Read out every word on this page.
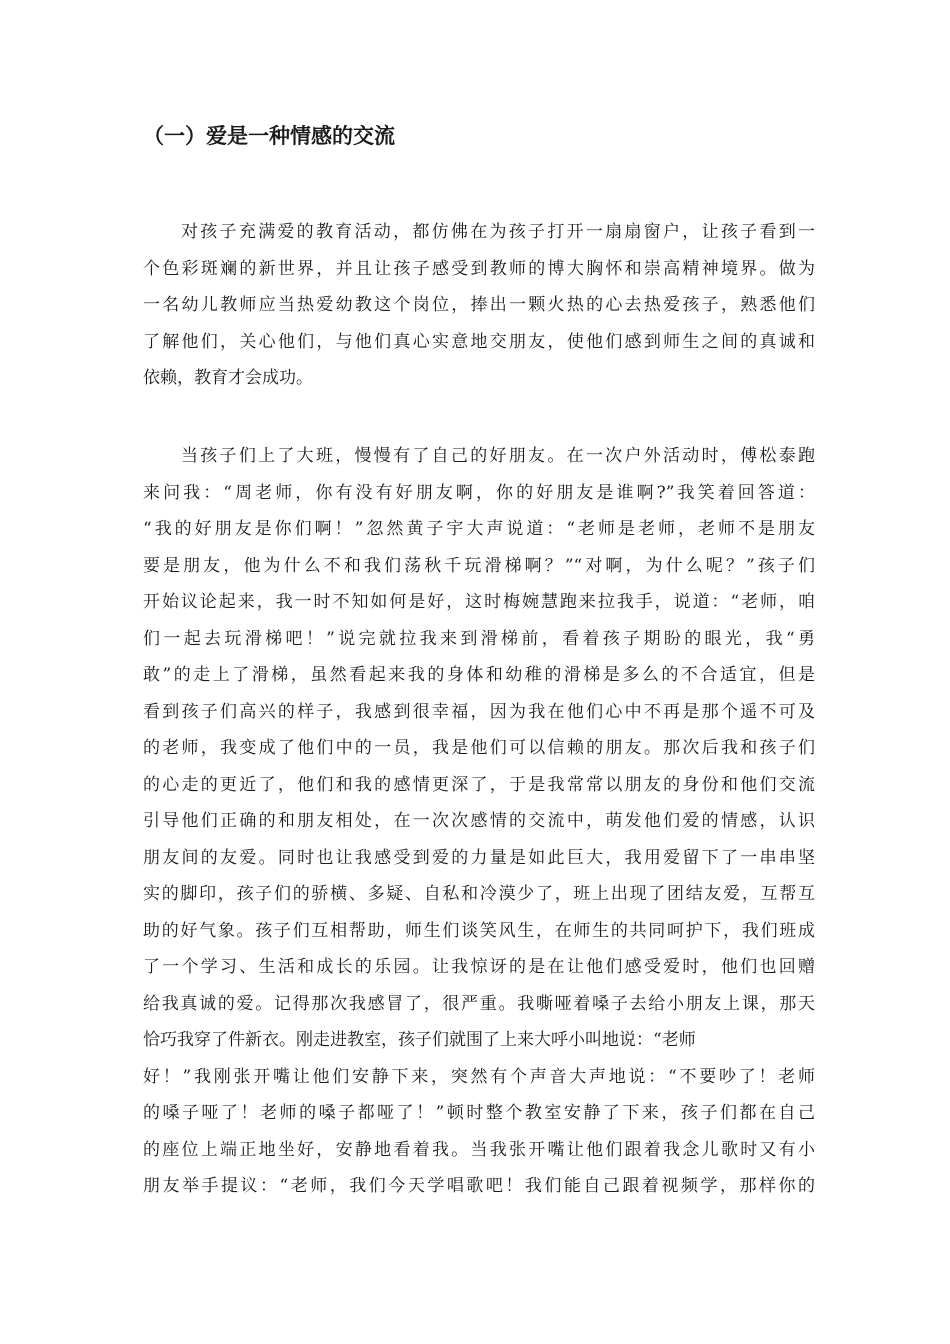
（一）爱是一种情感的交流
对孩子充满爱的教育活动，都仿佛在为孩子打开一扇扇窗户，让孩子看到一
个色彩斑斓的新世界，并且让孩子感受到教师的博大胸怀和崇高精神境界。做为
一名幼儿教师应当热爱幼教这个岗位，捧出一颗火热的心去热爱孩子，熟悉他们
了解他们，关心他们，与他们真心实意地交朋友，使他们感到师生之间的真诚和
依赖，教育才会成功。
当孩子们上了大班，慢慢有了自己的好朋友。在一次户外活动时，傅松泰跑
来问我：“周老师，你有没有好朋友啊，你的好朋友是谁啊?”我笑着回答道：
“我的好朋友是你们啊！”忽然黄子宇大声说道：“老师是老师，老师不是朋友
要是朋友，他为什么不和我们荡秋千玩滑梯啊？”“对啊，为什么呢？”孩子们
开始议论起来，我一时不知如何是好，这时梅婉慧跑来拉我手，说道：“老师，咱
们一起去玩滑梯吧！”说完就拉我来到滑梯前，看着孩子期盼的眼光，我“勇
敢”的走上了滑梯，虽然看起来我的身体和幼稚的滑梯是多么的不合适宜，但是
看到孩子们高兴的样子，我感到很幸福，因为我在他们心中不再是那个遥不可及
的老师，我变成了他们中的一员，我是他们可以信赖的朋友。那次后我和孩子们
的心走的更近了，他们和我的感情更深了，于是我常常以朋友的身份和他们交流
引导他们正确的和朋友相处，在一次次感情的交流中，萌发他们爱的情感，认识
朋友间的友爱。同时也让我感受到爱的力量是如此巨大，我用爱留下了一串串坚
实的脚印，孩子们的骄横、多疑、自私和冷漠少了，班上出现了团结友爱，互帮互
助的好气象。孩子们互相帮助，师生们谈笑风生，在师生的共同呵护下，我们班成
了一个学习、生活和成长的乐园。让我惊讶的是在让他们感受爱时，他们也回赠
给我真诚的爱。记得那次我感冒了，很严重。我嘶哑着嗓子去给小朋友上课，那天
恰巧我穿了件新衣。刚走进教室，孩子们就围了上来大呼小叫地说：“老师
好！”我刚张开嘴让他们安静下来，突然有个声音大声地说：“不要吵了！老师
的嗓子哑了！老师的嗓子都哑了！”顿时整个教室安静了下来，孩子们都在自己
的座位上端正地坐好，安静地看着我。当我张开嘴让他们跟着我念儿歌时又有小
朋友举手提议：“老师，我们今天学唱歌吧！我们能自己跟着视频学，那样你的
